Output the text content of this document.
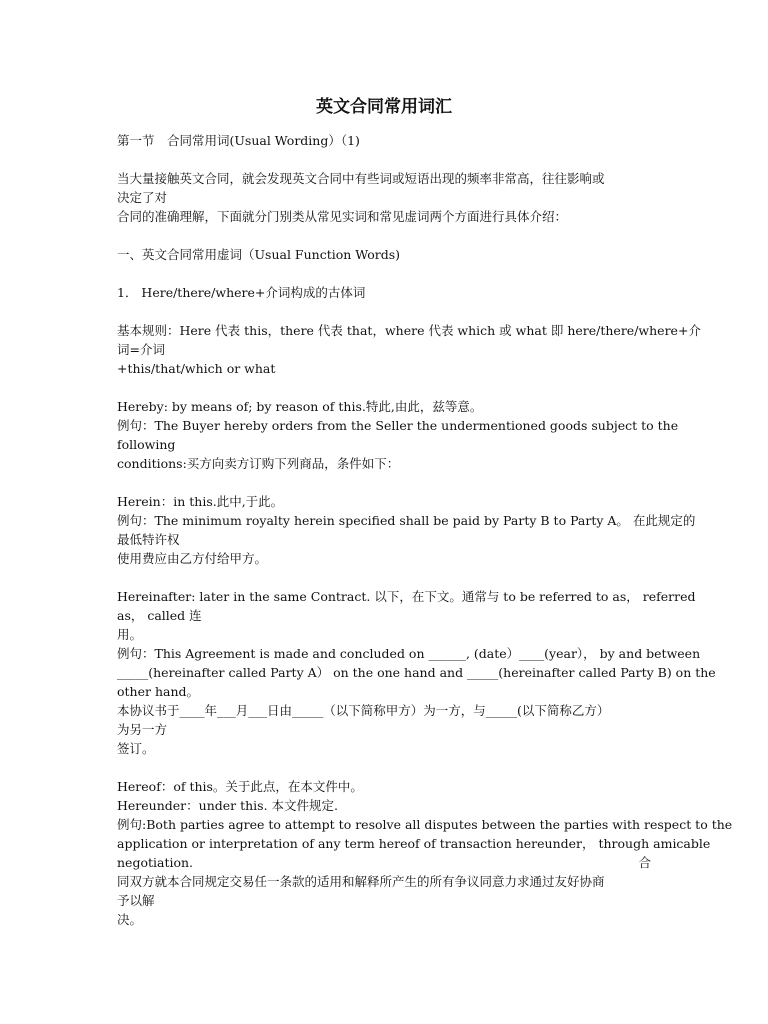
英文合同常用词汇
第一节　合同常用词(Usual Wording）（1)
当大量接触英文合同，就会发现英文合同中有些词或短语出现的频率非常高，往往影响或
决定了对
合同的准确理解，下面就分门别类从常见实词和常见虚词两个方面进行具体介绍：
一、英文合同常用虚词（Usual Function Words)
1． Here/there/where+介词构成的古体词
基本规则：Here 代表 this，there 代表 that，where 代表 which 或 what 即 here/there/where+介
词=介词
+this/that/which or what
Hereby: by means of; by reason of this.特此,由此，兹等意。
例句：The Buyer hereby orders from the Seller the undermentioned goods subject to the
following
conditions:买方向卖方订购下列商品，条件如下：
Herein：in this.此中,于此。
例句：The minimum royalty herein specified shall be paid by Party B to Party A。 在此规定的
最低特许权
使用费应由乙方付给甲方。
Hereinafter: later in the same Contract. 以下，在下文。通常与 to be referred to as， referred
as， called 连
用。
例句：This Agreement is made and concluded on ______, (date）____(year）， by and between
_____(hereinafter called Party A） on the one hand and _____(hereinafter called Party B) on the
other hand。
本协议书于____年___月___日由_____（以下简称甲方）为一方，与_____(以下简称乙方）
为另一方
签订。
Hereof：of this。关于此点，在本文件中。
Hereunder：under this. 本文件规定.
例句:Both parties agree to attempt to resolve all disputes between the parties with respect to the
application or interpretation of any term hereof of transaction hereunder， through amicable
negotiation.合
同双方就本合同规定交易任一条款的适用和解释所产生的所有争议同意力求通过友好协商
予以解
决。
